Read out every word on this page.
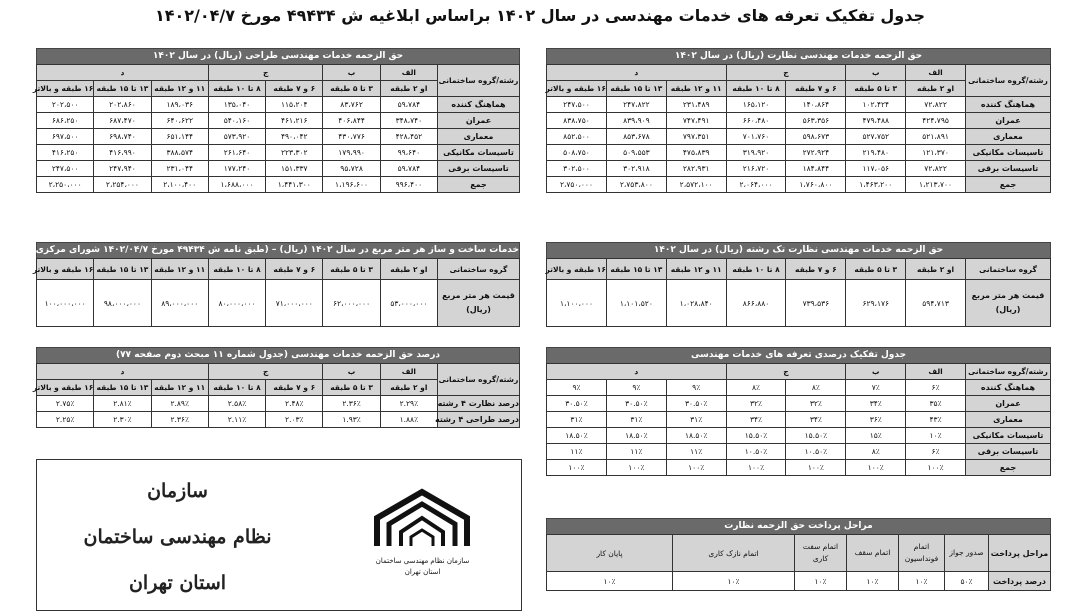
جدول تفکیک تعرفه های خدمات مهندسی در سال ۱۴۰۲ براساس ابلاغیه ش ۴۹۴۳۴ مورخ ۱۴۰۲/۰۴/۷
حق الزحمه خدمات مهندسی نظارت (ریال) در سال ۱۴۰۲
رشته/گروه ساختمانی	الف	ب	ج		د		
	او ۲ طبقه	۳ تا ۵ طبقه	۶ و ۷ طبقه	۸ تا ۱۰ طبقه	۱۱ و ۱۲ طبقه	۱۳ تا ۱۵ طبقه	۱۶ طبقه و بالاتر
هماهنگ کننده	۷۲،۸۲۲	۱۰۲،۴۲۴	۱۴۰،۸۶۴	۱۶۵،۱۲۰	۲۳۱،۴۸۹	۲۴۷،۸۲۲	۲۴۷،۵۰۰
عمران	۴۲۴،۷۹۵	۴۷۹،۴۸۸	۵۶۳،۳۵۶	۶۶۰،۴۸۰	۷۴۷،۴۹۱	۸۳۹،۹۰۹	۸۳۸،۷۵۰
معماری	۵۲۱،۸۹۱	۵۲۷،۷۵۲	۵۹۸،۶۷۳	۷۰۱،۷۶۰	۷۹۷،۳۵۱	۸۵۳،۶۷۸	۸۵۲،۵۰۰
تاسیسات مکانیکی	۱۲۱،۳۷۰	۲۱۹،۴۸۰	۲۷۲،۹۲۴	۳۱۹،۹۲۰	۴۷۵،۸۳۹	۵۰۹،۵۵۳	۵۰۸،۷۵۰
تاسیسات برقی	۷۲،۸۲۲	۱۱۷،۰۵۶	۱۸۴،۸۴۴	۲۱۶،۷۲۰	۲۸۲،۹۳۱	۳۰۲،۹۱۸	۳۰۲،۵۰۰
جمع	۱،۲۱۳،۷۰۰	۱،۴۶۳،۲۰۰	۱،۷۶۰،۸۰۰	۲،۰۶۴،۰۰۰	۲،۵۷۲،۱۰۰	۲،۷۵۳،۸۰۰	۲،۷۵۰،۰۰۰
حق الزحمه خدمات مهندسی طراحی (ریال) در سال ۱۴۰۲
رشته/گروه ساختمانی	الف	ب	ج		د		
	او ۲ طبقه	۳ تا ۵ طبقه	۶ و ۷ طبقه	۸ تا ۱۰ طبقه	۱۱ و ۱۲ طبقه	۱۳ تا ۱۵ طبقه	۱۶ طبقه و بالاتر
هماهنگ کننده	۵۹،۷۸۴	۸۳،۷۶۲	۱۱۵،۲۰۴	۱۳۵،۰۴۰	۱۸۹،۰۳۶	۲۰۲،۸۶۰	۲۰۲،۵۰۰
عمران	۳۴۸،۷۴۰	۴۰۶،۸۴۴	۴۶۱،۲۱۶	۵۴۰،۱۶۰	۶۴۰،۶۲۲	۶۸۷،۴۷۰	۶۸۶،۲۵۰
معماری	۴۲۸،۴۵۲	۴۳۰،۷۷۶	۴۹۰،۰۴۲	۵۷۳،۹۲۰	۶۵۱،۱۴۴	۶۹۸،۷۴۰	۶۹۷،۵۰۰
تاسیسات مکانیکی	۹۹،۶۴۰	۱۷۹،۹۹۰	۲۲۳،۳۰۲	۲۶۱،۶۴۰	۳۸۸،۵۷۴	۴۱۶،۹۹۰	۴۱۶،۲۵۰
تاسیسات برقی	۵۹،۷۸۴	۹۵،۷۲۸	۱۵۱،۳۳۷	۱۷۷،۲۴۰	۲۳۱،۰۴۴	۲۴۷،۹۴۰	۲۴۷،۵۰۰
جمع	۹۹۶،۴۰۰	۱،۱۹۶،۶۰۰	۱،۴۴۱،۳۰۰	۱،۶۸۸،۰۰۰	۲،۱۰۰،۴۰۰	۲،۲۵۴،۰۰۰	۲،۲۵۰،۰۰۰
حق الزحمه خدمات مهندسی نظارت تک رشته (ریال) در سال ۱۴۰۲
گروه ساختمانی	او ۲ طبقه	۳ تا ۵ طبقه	۶ و ۷ طبقه	۸ تا ۱۰ طبقه	۱۱ و ۱۲ طبقه	۱۳ تا ۱۵ طبقه	۱۶ طبقه و بالاتر
قیمت هر متر مربع (ریال)	۵۹۴،۷۱۳	۶۲۹،۱۷۶	۷۳۹،۵۳۶	۸۶۶،۸۸۰	۱،۰۲۸،۸۴۰	۱،۱۰۱،۵۲۰	۱،۱۰۰،۰۰۰
خدمات ساخت و ساز هر متر مربع در سال ۱۴۰۲ (ریال) – (طبق نامه ش ۴۹۴۳۴ مورخ ۱۴۰۲/۰۴/۷ شورای مرکزی)
گروه ساختمانی	او ۲ طبقه	۳ تا ۵ طبقه	۶ و ۷ طبقه	۸ تا ۱۰ طبقه	۱۱ و ۱۲ طبقه	۱۳ تا ۱۵ طبقه	۱۶ طبقه و بالاتر
قیمت هر متر مربع (ریال)	۵۳،۰۰۰،۰۰۰	۶۲،۰۰۰،۰۰۰	۷۱،۰۰۰،۰۰۰	۸۰،۰۰۰،۰۰۰	۸۹،۰۰۰،۰۰۰	۹۸،۰۰۰،۰۰۰	۱۰۰،۰۰۰،۰۰۰
جدول تفکیک درصدی تعرفه های خدمات مهندسی
رشته/گروه ساختمانی	الف	ب	ج		د		
هماهنگ کننده	۶٪	۷٪	۸٪	۸٪	۹٪	۹٪	۹٪
عمران	۳۵٪	۳۴٪	۳۲٪	۳۲٪	۳۰.۵۰٪	۳۰.۵۰٪	۳۰.۵۰٪
معماری	۴۳٪	۳۶٪	۳۴٪	۳۴٪	۳۱٪	۳۱٪	۳۱٪
تاسیسات مکانیکی	۱۰٪	۱۵٪	۱۵.۵۰٪	۱۵.۵۰٪	۱۸.۵۰٪	۱۸.۵۰٪	۱۸.۵۰٪
تاسیسات برقی	۶٪	۸٪	۱۰.۵۰٪	۱۰.۵۰٪	۱۱٪	۱۱٪	۱۱٪
جمع	۱۰۰٪	۱۰۰٪	۱۰۰٪	۱۰۰٪	۱۰۰٪	۱۰۰٪	۱۰۰٪
درصد حق الزحمه خدمات مهندسی (جدول شماره ۱۱ مبحث دوم صفحه ۷۷)
رشته/گروه ساختمانی	الف	ب	ج		د		
	او ۲ طبقه	۳ تا ۵ طبقه	۶ و ۷ طبقه	۸ تا ۱۰ طبقه	۱۱ و ۱۲ طبقه	۱۳ تا ۱۵ طبقه	۱۶ طبقه و بالاتر
درصد نظارت ۴ رشته	۲.۲۹٪	۲.۳۶٪	۲.۴۸٪	۲.۵۸٪	۲.۸۹٪	۲.۸۱٪	۲.۷۵٪
درصد طراحی ۴ رشته	۱.۸۸٪	۱.۹۳٪	۲.۰۳٪	۲.۱۱٪	۲.۳۶٪	۲.۳۰٪	۲.۲۵٪
مراحل پرداخت حق الزحمه نظارت
مراحل پرداخت	صدور جواز	اتمام فونداسیون	اتمام سقف	اتمام سفت کاری	اتمام نازک کاری	پایان کار
درصد پرداخت	۵۰٪	۱۰٪	۱۰٪	۱۰٪	۱۰٪	۱۰٪
سازمان
نظام مهندسی ساختمان
استان تهران
سازمان نظام مهندسی ساختمان
استان تهران
